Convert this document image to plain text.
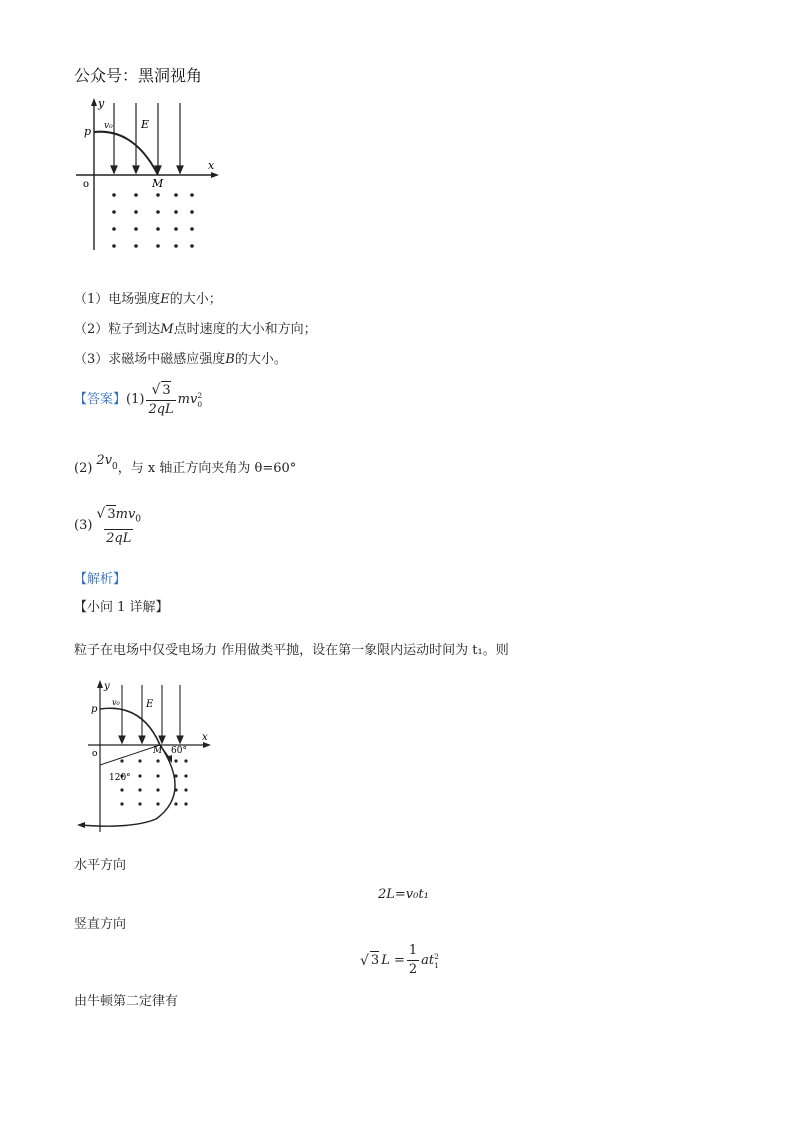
公众号：黑洞视角
y
x
p v₀	E
o	M
（1）电场强度E的大小；
（2）粒子到达M点时速度的大小和方向；
（3）求磁场中磁感应强度B的大小。
【答案】 $(1) \frac{√ 3}{2qL}$ mv 2
0
(2)
$2v_0$ ，与 x 轴正方向夹角为 θ=60°
$(3) \frac{√ 3mv_0}{2qL}$
【解析】
【小问 1 详解】
粒子在电场中仅受电场力 作用做类平抛，设在第一象限内运动时间为 t₁。则
y
x
p
v₀	E
o	M 60°
120°
水平方向
2L=v₀t₁
竖直方向
√ 3 $L = \frac{1}{2}$ at 2
1
由牛顿第二定律有
